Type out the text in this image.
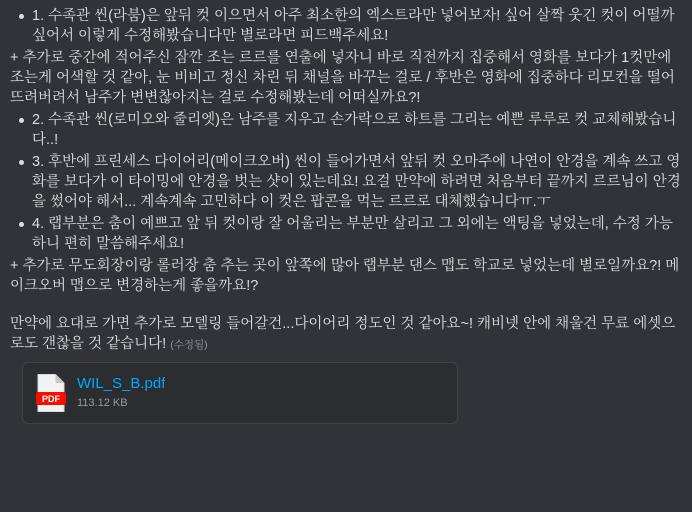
1. 수족관 씬(라붐)은 앞뒤 컷 이으면서 아주 최소한의 엑스트라만 넣어보자! 싶어 살짝 웃긴 컷이 어떨까 싶어서 이렇게 수정해봤습니다만 별로라면 피드백주세요!
+ 추가로 중간에 적어주신 잠깐 조는 르르를 연출에 넣자니 바로 직전까지 집중해서 영화를 보다가 1컷만에 조는게 어색할 것 같아, 눈 비비고 정신 차린 뒤 채널을 바꾸는 걸로 / 후반은 영화에 집중하다 리모컨을 떨어뜨려버려서 남주가 변변찮아지는 걸로 수정해봤는데 어떠실까요?!
2. 수족관 씬(로미오와 줄리엣)은 남주를 지우고 손가락으로 하트를 그리는 예쁜 루루로 컷 교체해봤습니다..!
3. 후반에 프린세스 다이어리(메이크오버) 씬이 들어가면서 앞뒤 컷 오마주에 나연이 안경을 계속 쓰고 영화를 보다가 이 타이밍에 안경을 벗는 샷이 있는데요! 요걸 만약에 하려면 처음부터 끝까지 르르님이 안경을 썼어야 해서... 계속계속 고민하다 이 컷은 팝콘을 먹는 르르로 대체했습니다ㅠ.ㅜ
4. 랩부분은 춤이 예쁘고 앞 뒤 컷이랑 잘 어울리는 부분만 살리고 그 외에는 액팅을 넣었는데, 수정 가능하니 편히 말씀해주세요!
+ 추가로 무도회장이랑 롤러장 춤 추는 곳이 앞쪽에 많아 랩부분 댄스 맵도 학교로 넣었는데 별로일까요?! 메이크오버 맵으로 변경하는게 좋을까요!?
만약에 요대로 가면 추가로 모델링 들어갈건...다이어리 정도인 것 같아요~! 캐비넷 안에 채울건 무료 에셋으로도 갠찮을 것 같습니다! (수정됨)
PDF
WIL_S_B.pdf
113.12 KB
